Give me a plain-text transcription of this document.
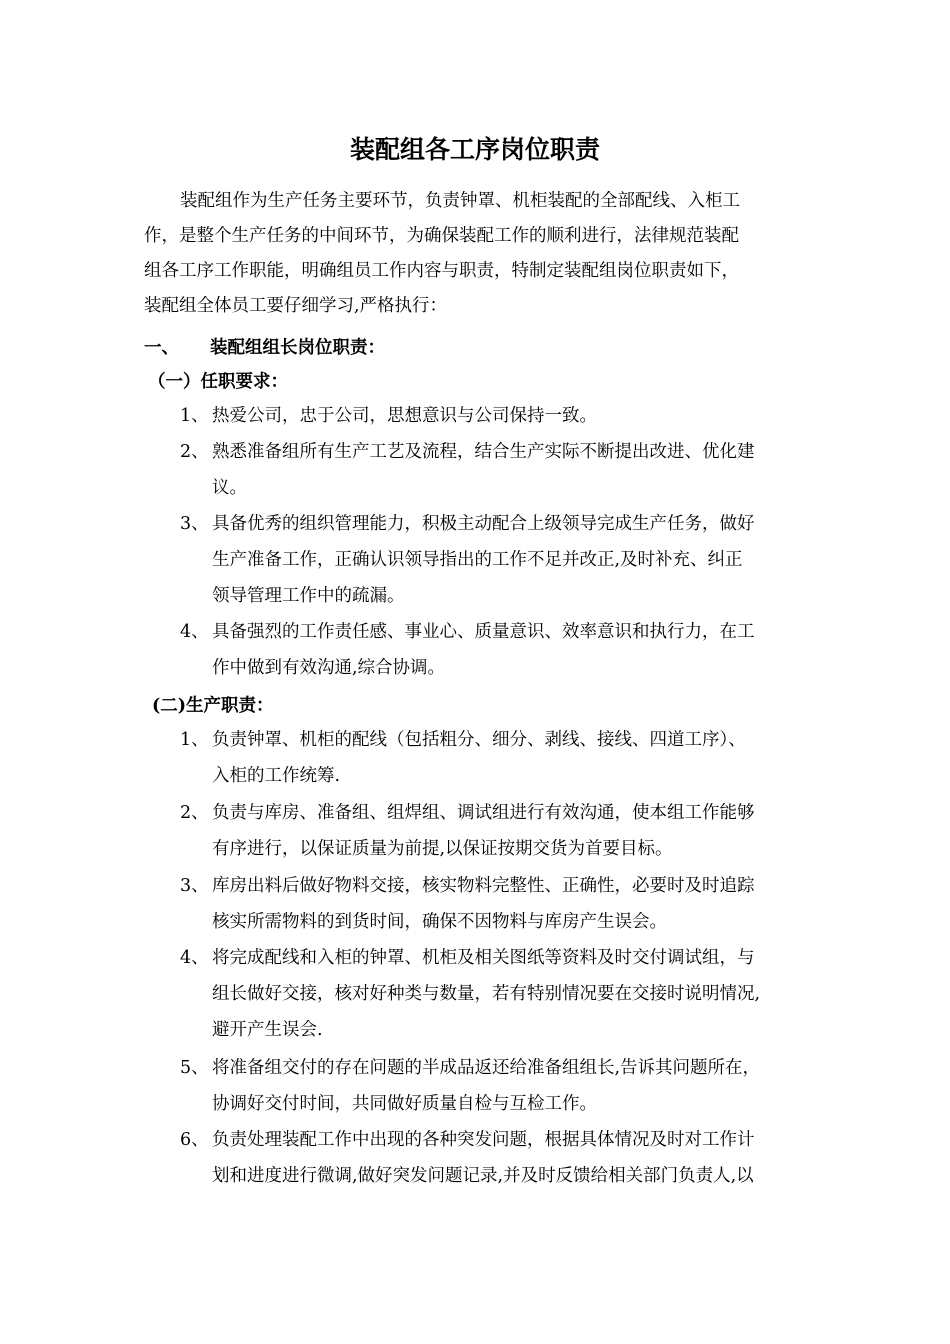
装配组各工序岗位职责
装配组作为生产任务主要环节，负责钟罩、机柜装配的全部配线、入柜工
作，是整个生产任务的中间环节，为确保装配工作的顺利进行，法律规范装配
组各工序工作职能，明确组员工作内容与职责，特制定装配组岗位职责如下，
装配组全体员工要仔细学习,严格执行：
一、 装配组组长岗位职责：
（一）任职要求：
1、 热爱公司，忠于公司，思想意识与公司保持一致。
2、 熟悉准备组所有生产工艺及流程，结合生产实际不断提出改进、优化建
议。
3、 具备优秀的组织管理能力，积极主动配合上级领导完成生产任务，做好
生产准备工作，正确认识领导指出的工作不足并改正,及时补充、纠正
领导管理工作中的疏漏。
4、 具备强烈的工作责任感、事业心、质量意识、效率意识和执行力，在工
作中做到有效沟通,综合协调。
(二)生产职责：
1、 负责钟罩、机柜的配线（包括粗分、细分、剥线、接线、四道工序）、
入柜的工作统筹.
2、 负责与库房、准备组、组焊组、调试组进行有效沟通，使本组工作能够
有序进行，以保证质量为前提,以保证按期交货为首要目标。
3、 库房出料后做好物料交接，核实物料完整性、正确性，必要时及时追踪
核实所需物料的到货时间，确保不因物料与库房产生误会。
4、 将完成配线和入柜的钟罩、机柜及相关图纸等资料及时交付调试组，与
组长做好交接，核对好种类与数量，若有特别情况要在交接时说明情况,
避开产生误会.
5、 将准备组交付的存在问题的半成品返还给准备组组长,告诉其问题所在，
协调好交付时间，共同做好质量自检与互检工作。
6、 负责处理装配工作中出现的各种突发问题，根据具体情况及时对工作计
划和进度进行微调,做好突发问题记录,并及时反馈给相关部门负责人,以
